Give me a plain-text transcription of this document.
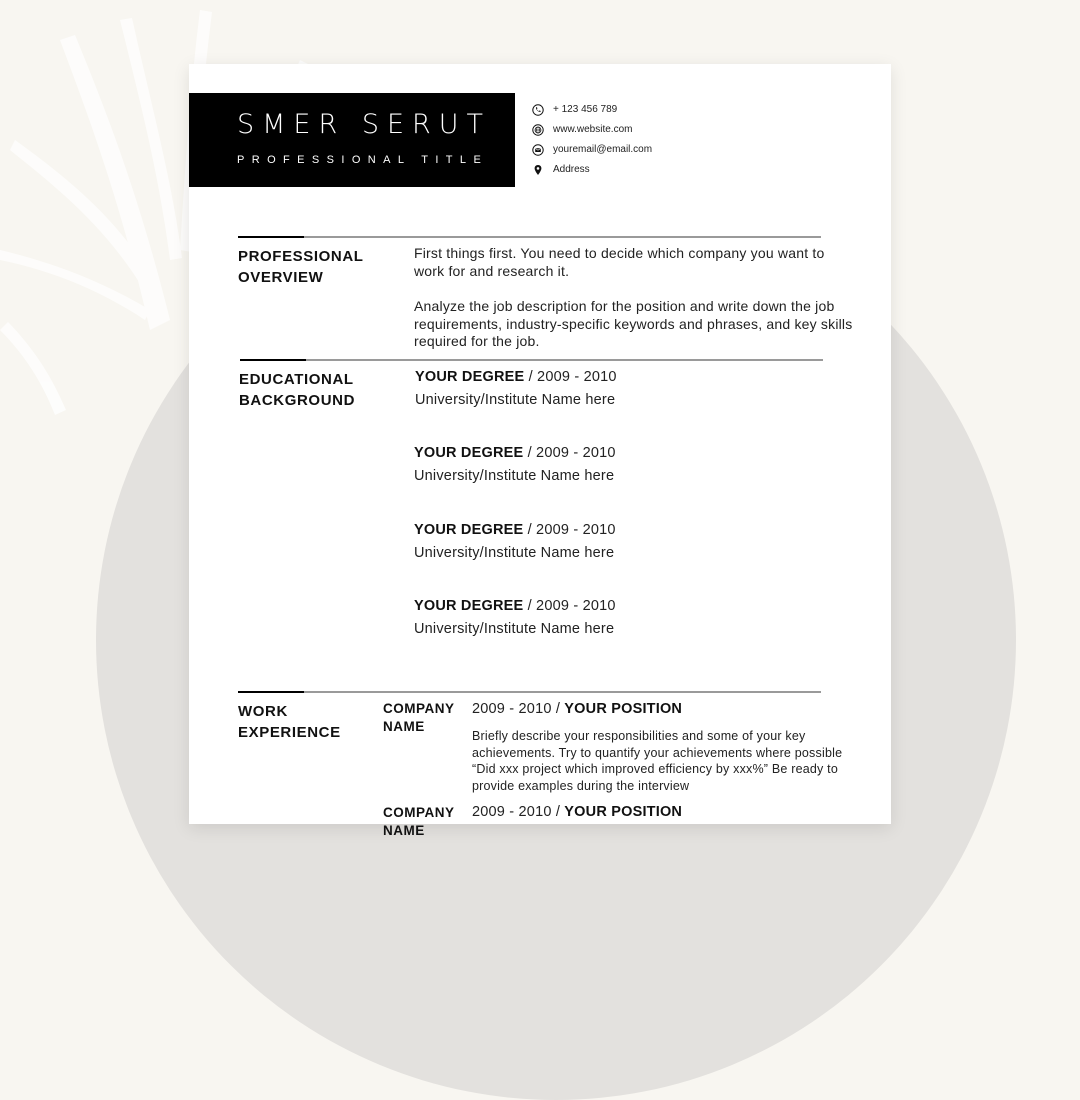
SMER SERUT
PROFESSIONAL TITLE
+ 123 456 789
www.website.com
youremail@email.com
Address
PROFESSIONAL
OVERVIEW
First things first. You need to decide which company you want to work for and research it.
Analyze the job description for the position and write down the job requirements, industry-specific keywords and phrases, and key skills required for the job.
EDUCATIONAL
BACKGROUND
YOUR DEGREE / 2009 - 2010
University/Institute Name here
YOUR DEGREE / 2009 - 2010
University/Institute Name here
YOUR DEGREE / 2009 - 2010
University/Institute Name here
YOUR DEGREE / 2009 - 2010
University/Institute Name here
WORK
EXPERIENCE
COMPANY
NAME
2009 - 2010 / YOUR POSITION
Briefly describe your responsibilities and some of your key achievements. Try to quantify your achievements where possible “Did xxx project which improved efficiency by xxx%” Be ready to provide examples during the interview
COMPANY
NAME
2009 - 2010 / YOUR POSITION
